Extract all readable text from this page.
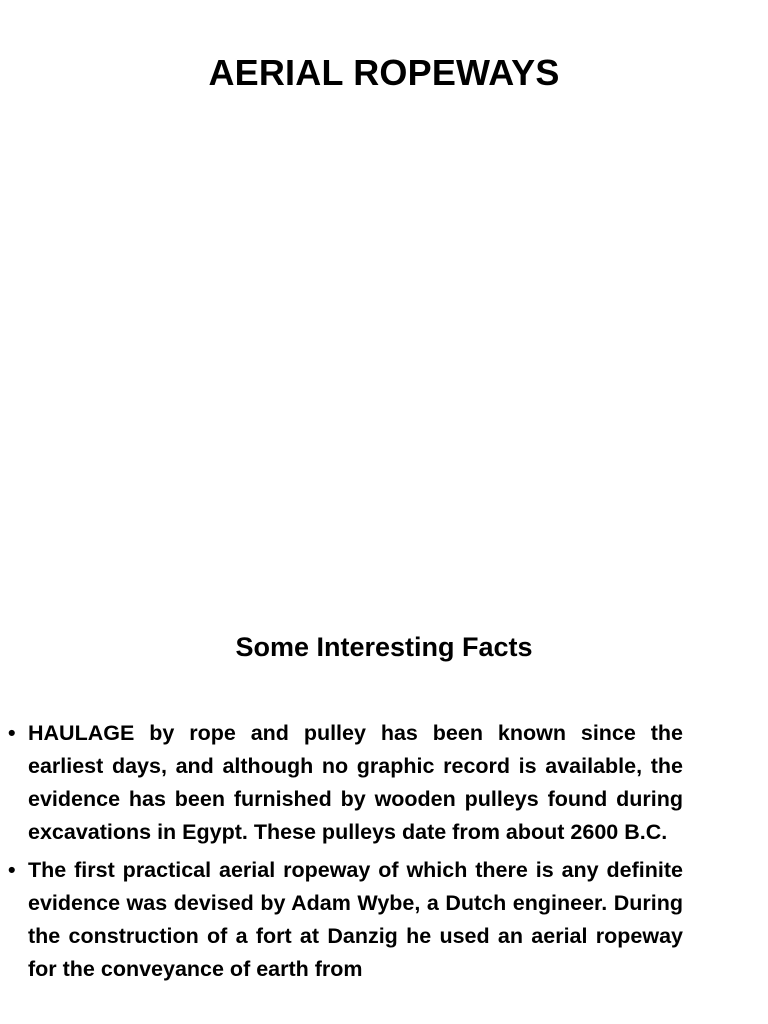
AERIAL ROPEWAYS
Some Interesting Facts
• HAULAGE by rope and pulley has been known since the earliest days, and although no graphic record is available, the evidence has been furnished by wooden pulleys found during excavations in Egypt. These pulleys date from about 2600 B.C.
• The first practical aerial ropeway of which there is any definite evidence was devised by Adam Wybe, a Dutch engineer. During the construction of a fort at Danzig he used an aerial ropeway for the conveyance of earth from
